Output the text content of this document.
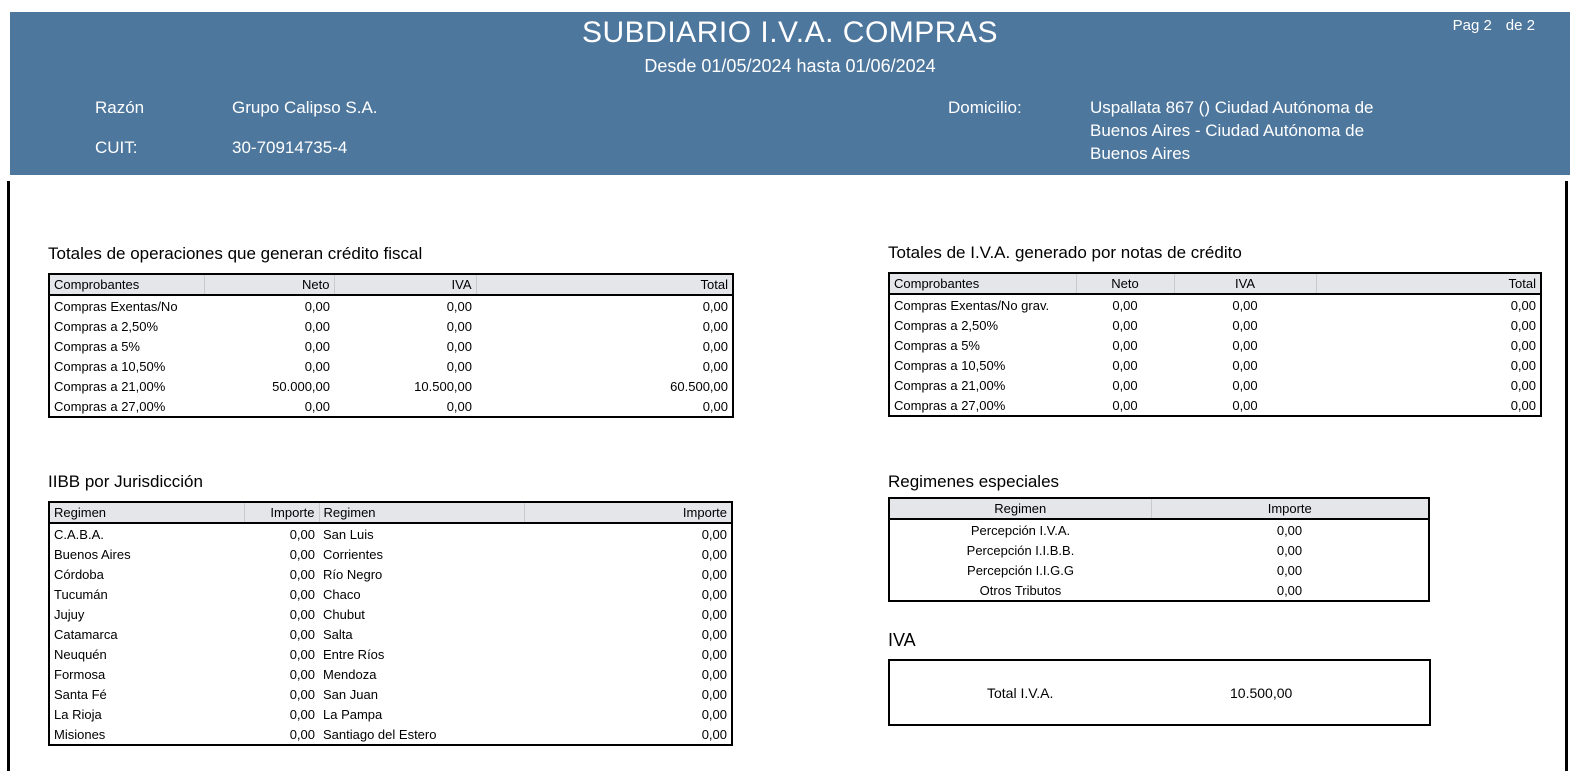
Pag 2 de 2
SUBDIARIO I.V.A. COMPRAS
Desde 01/05/2024 hasta 01/06/2024
Razón	Grupo Calipso S.A.
CUIT:	30-70914735-4
Domicilio:	Uspallata 867 () Ciudad Autónoma de Buenos Aires - Ciudad Autónoma de Buenos Aires
Totales de operaciones que generan crédito fiscal
Comprobantes	Neto	IVA	Total
Compras Exentas/No	0,00	0,00	0,00
Compras a 2,50%	0,00	0,00	0,00
Compras a 5%	0,00	0,00	0,00
Compras a 10,50%	0,00	0,00	0,00
Compras a 21,00%	50.000,00	10.500,00	60.500,00
Compras a 27,00%	0,00	0,00	0,00
Totales de I.V.A. generado por notas de crédito
Comprobantes	Neto	IVA	Total
Compras Exentas/No grav.	0,00	0,00	0,00
Compras a 2,50%	0,00	0,00	0,00
Compras a 5%	0,00	0,00	0,00
Compras a 10,50%	0,00	0,00	0,00
Compras a 21,00%	0,00	0,00	0,00
Compras a 27,00%	0,00	0,00	0,00
IIBB por Jurisdicción
Regimen	Importe	Regimen	Importe
C.A.B.A.	0,00	San Luis	0,00
Buenos Aires	0,00	Corrientes	0,00
Córdoba	0,00	Río Negro	0,00
Tucumán	0,00	Chaco	0,00
Jujuy	0,00	Chubut	0,00
Catamarca	0,00	Salta	0,00
Neuquén	0,00	Entre Ríos	0,00
Formosa	0,00	Mendoza	0,00
Santa Fé	0,00	San Juan	0,00
La Rioja	0,00	La Pampa	0,00
Misiones	0,00	Santiago del Estero	0,00
Regimenes especiales
Regimen	Importe
Percepción I.V.A.	0,00
Percepción I.I.B.B.	0,00
Percepción I.I.G.G	0,00
Otros Tributos	0,00
IVA
Total I.V.A.	10.500,00
